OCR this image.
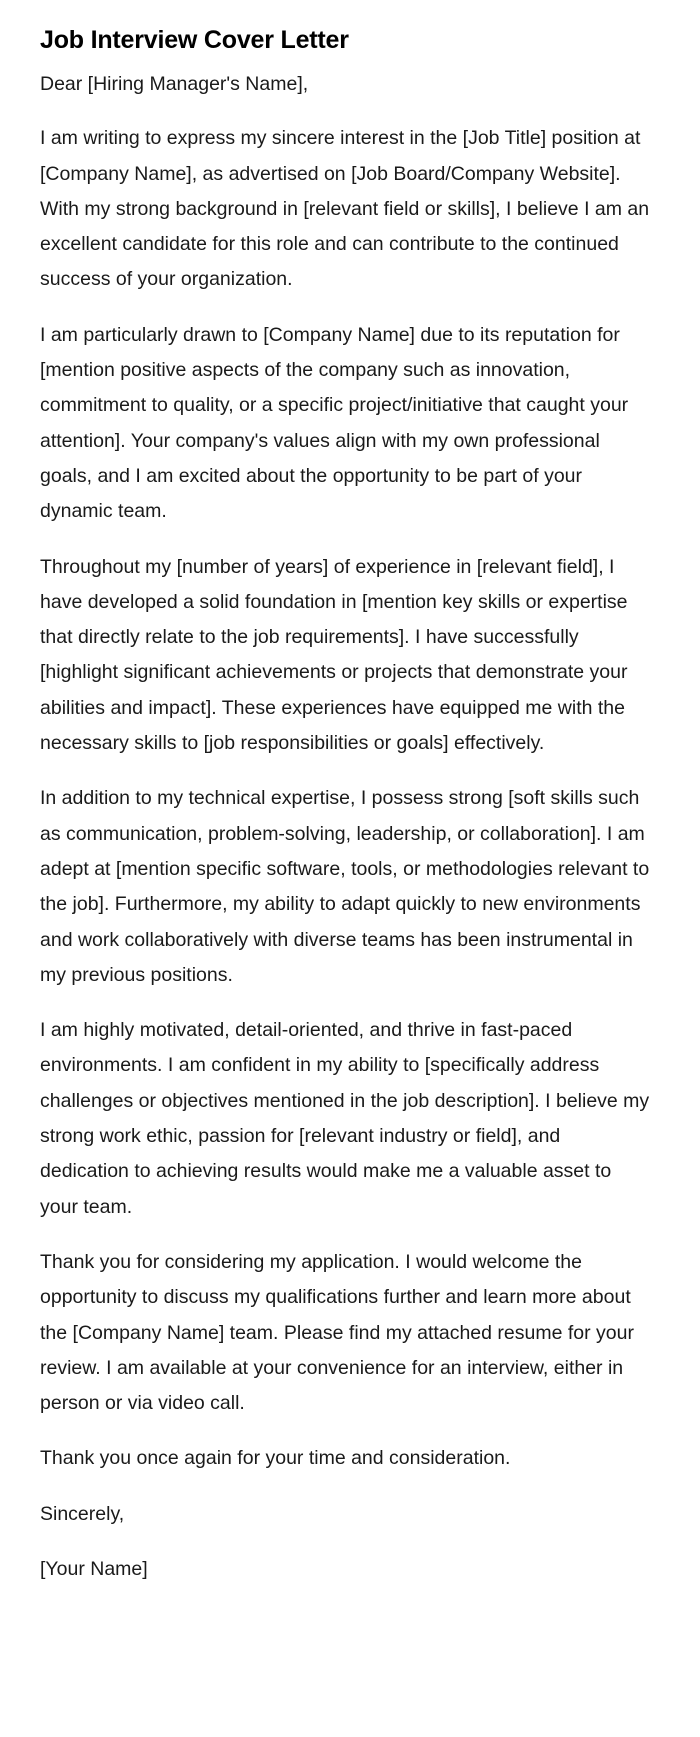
Job Interview Cover Letter

Dear [Hiring Manager's Name],

I am writing to express my sincere interest in the [Job Title] position at [Company Name], as advertised on [Job Board/Company Website]. With my strong background in [relevant field or skills], I believe I am an excellent candidate for this role and can contribute to the continued success of your organization.

I am particularly drawn to [Company Name] due to its reputation for [mention positive aspects of the company such as innovation, commitment to quality, or a specific project/initiative that caught your attention]. Your company's values align with my own professional goals, and I am excited about the opportunity to be part of your dynamic team.

Throughout my [number of years] of experience in [relevant field], I have developed a solid foundation in [mention key skills or expertise that directly relate to the job requirements]. I have successfully [highlight significant achievements or projects that demonstrate your abilities and impact]. These experiences have equipped me with the necessary skills to [job responsibilities or goals] effectively.

In addition to my technical expertise, I possess strong [soft skills such as communication, problem-solving, leadership, or collaboration]. I am adept at [mention specific software, tools, or methodologies relevant to the job]. Furthermore, my ability to adapt quickly to new environments and work collaboratively with diverse teams has been instrumental in my previous positions.

I am highly motivated, detail-oriented, and thrive in fast-paced environments. I am confident in my ability to [specifically address challenges or objectives mentioned in the job description]. I believe my strong work ethic, passion for [relevant industry or field], and dedication to achieving results would make me a valuable asset to your team.

Thank you for considering my application. I would welcome the opportunity to discuss my qualifications further and learn more about the [Company Name] team. Please find my attached resume for your review. I am available at your convenience for an interview, either in person or via video call.

Thank you once again for your time and consideration.

Sincerely,

[Your Name]
